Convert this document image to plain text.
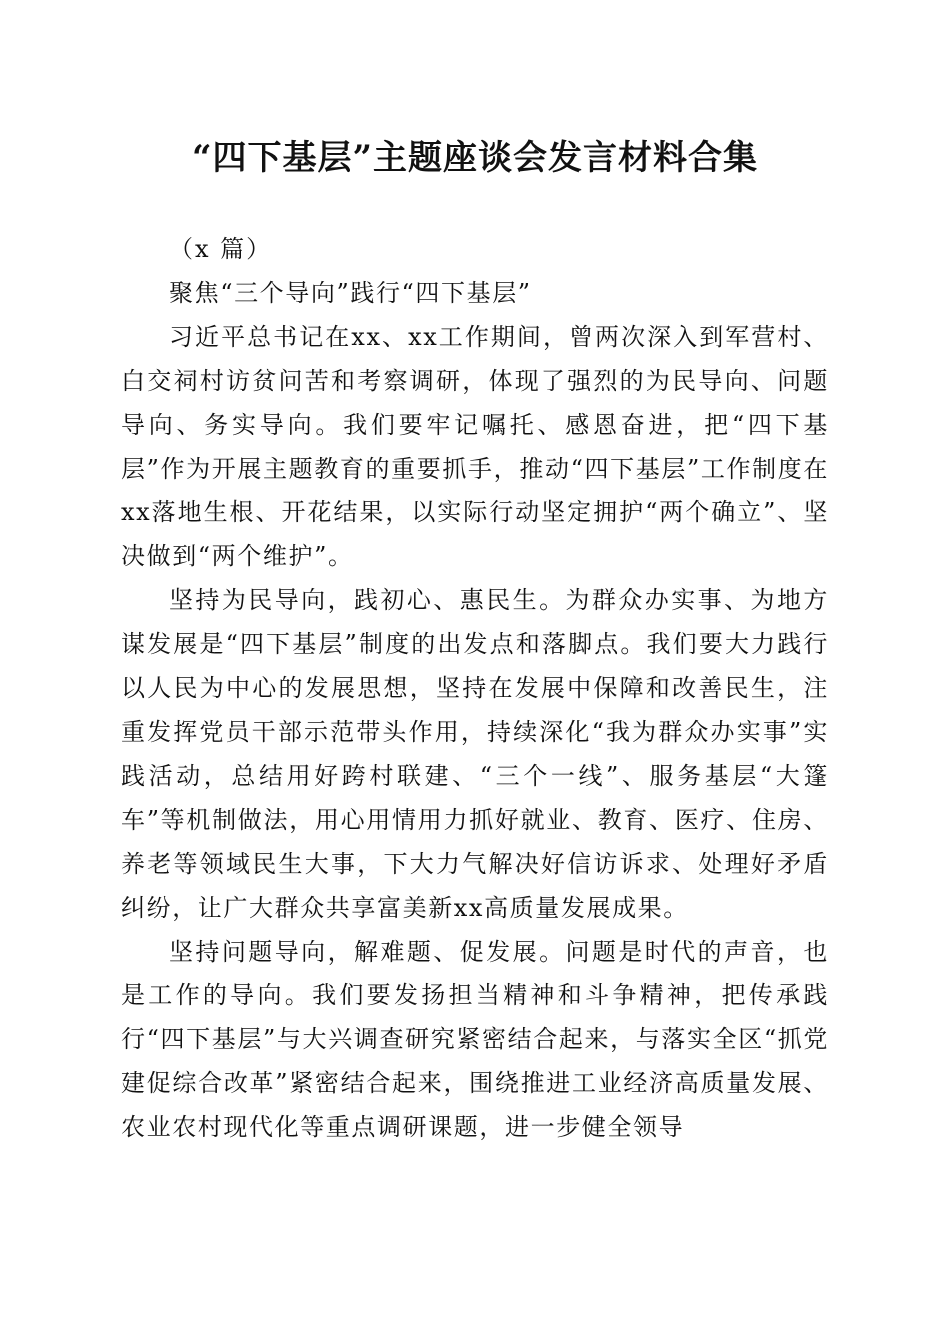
“四下基层”主题座谈会发言材料合集

（x 篇）

聚焦“三个导向”践行“四下基层”

习近平总书记在xx、xx工作期间，曾两次深入到军营村、白交祠村访贫问苦和考察调研，体现了强烈的为民导向、问题导向、务实导向。我们要牢记嘱托、感恩奋进，把“四下基层”作为开展主题教育的重要抓手，推动“四下基层”工作制度在xx落地生根、开花结果，以实际行动坚定拥护“两个确立”、坚决做到“两个维护”。

坚持为民导向，践初心、惠民生。为群众办实事、为地方谋发展是“四下基层”制度的出发点和落脚点。我们要大力践行以人民为中心的发展思想，坚持在发展中保障和改善民生，注重发挥党员干部示范带头作用，持续深化“我为群众办实事”实践活动，总结用好跨村联建、“三个一线”、服务基层“大篷车”等机制做法，用心用情用力抓好就业、教育、医疗、住房、养老等领域民生大事，下大力气解决好信访诉求、处理好矛盾纠纷，让广大群众共享富美新xx高质量发展成果。

坚持问题导向，解难题、促发展。问题是时代的声音，也是工作的导向。我们要发扬担当精神和斗争精神，把传承践行“四下基层”与大兴调查研究紧密结合起来，与落实全区“抓党建促综合改革”紧密结合起来，围绕推进工业经济高质量发展、农业农村现代化等重点调研课题，进一步健全领导
